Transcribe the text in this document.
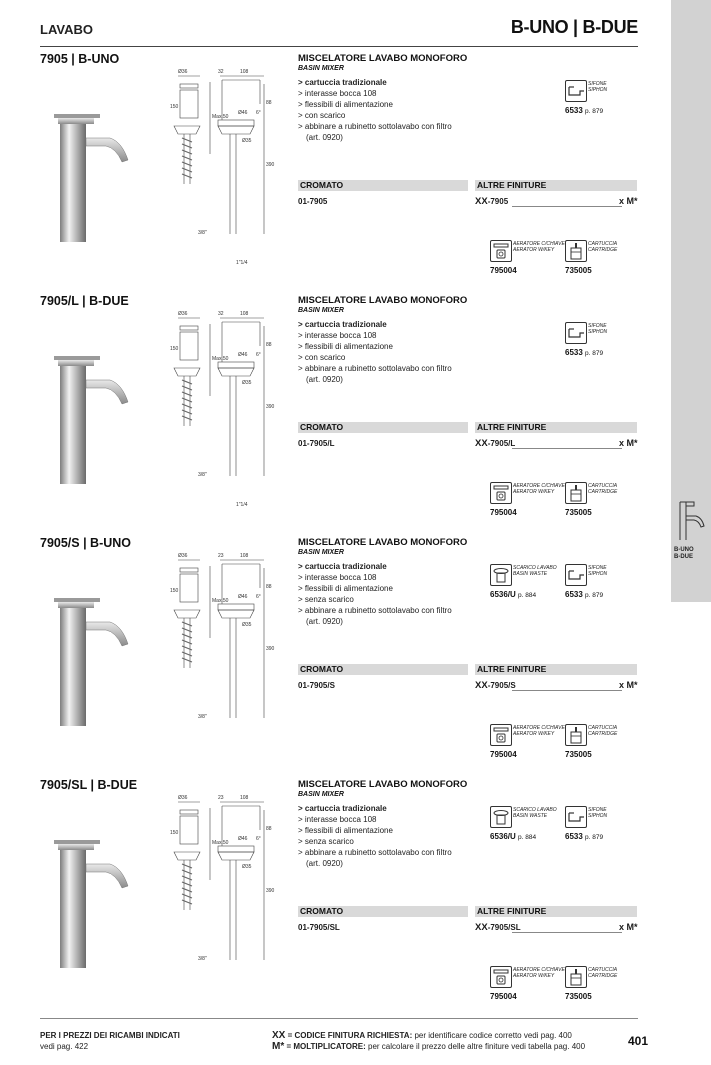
LAVABO	B-UNO | B-DUE
B-UNO
B-DUE
7905 | B-UNO
Ø36	32	108
150
Max.50
Ø46
Ø35
390
88
6°
3/8"
1"1/4
MISCELATORE LAVABO MONOFORO
BASIN MIXER
> cartuccia tradizionale
> interasse bocca 108
> flessibili di alimentazione
> con scarico
> abbinare a rubinetto sottolavabo con filtro
(art. 0920)
CROMATO	ALTRE FINITURE
01-7905	XX-7905	x M*
SIFONE
SIPHON
6533 p. 879
AERATORE C/CHIAVE
AERATOR W/KEY
795004
CARTUCCIA
CARTRIDGE
735005
7905/L | B-DUE
Ø36	32	108
150
Max.50
Ø46
Ø35
390
88
6°
3/8"
1"1/4
MISCELATORE LAVABO MONOFORO
BASIN MIXER
> cartuccia tradizionale
> interasse bocca 108
> flessibili di alimentazione
> con scarico
> abbinare a rubinetto sottolavabo con filtro
(art. 0920)
CROMATO	ALTRE FINITURE
01-7905/L	XX-7905/L	x M*
SIFONE
SIPHON
6533 p. 879
AERATORE C/CHIAVE
AERATOR W/KEY
795004
CARTUCCIA
CARTRIDGE
735005
7905/S | B-UNO
Ø36	23	108
150
Max.50
Ø46
Ø35
390
88
6°
3/8"
MISCELATORE LAVABO MONOFORO
BASIN MIXER
> cartuccia tradizionale
> interasse bocca 108
> flessibili di alimentazione
> senza scarico
> abbinare a rubinetto sottolavabo con filtro
(art. 0920)
CROMATO	ALTRE FINITURE
01-7905/S	XX-7905/S	x M*
SCARICO LAVABO
BASIN WASTE
6536/U p. 884
SIFONE
SIPHON
6533 p. 879
AERATORE C/CHIAVE
AERATOR W/KEY
795004
CARTUCCIA
CARTRIDGE
735005
7905/SL | B-DUE
Ø36	23	108
150
Max.50
Ø46
Ø35
390
88
6°
3/8"
MISCELATORE LAVABO MONOFORO
BASIN MIXER
> cartuccia tradizionale
> interasse bocca 108
> flessibili di alimentazione
> senza scarico
> abbinare a rubinetto sottolavabo con filtro
(art. 0920)
CROMATO	ALTRE FINITURE
01-7905/SL	XX-7905/SL	x M*
SCARICO LAVABO
BASIN WASTE
6536/U p. 884
SIFONE
SIPHON
6533 p. 879
AERATORE C/CHIAVE
AERATOR W/KEY
795004
CARTUCCIA
CARTRIDGE
735005
PER I PREZZI DEI RICAMBI INDICATI
vedi pag. 422
XX = CODICE FINITURA RICHIESTA: per identificare codice corretto vedi pag. 400
M* = MOLTIPLICATORE: per calcolare il prezzo delle altre finiture vedi tabella pag. 400	401
